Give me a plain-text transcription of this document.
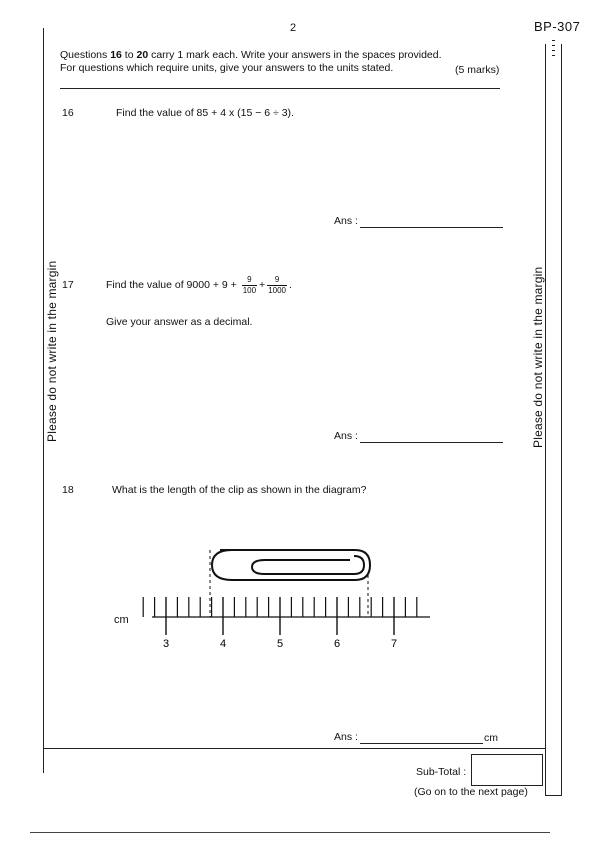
2	BP-307
Please do not write in the margin	Please do not write in the margin
Questions 16 to 20 carry 1 mark each. Write your answers in the spaces provided.
For questions which require units, give your answers to the units stated.	(5 marks)
16	Find the value of 85 + 4 x (15 − 6 ÷ 3).
Ans :
17	Find the value of $9000 + 9 + \frac{9}{100} + \frac{9}{1000}$ .
Give your answer as a decimal.
Ans :
18	What is the length of the clip as shown in the diagram?
3	4	5	6	7
cm
Ans :	cm
Sub-Total :
(Go on to the next page)
